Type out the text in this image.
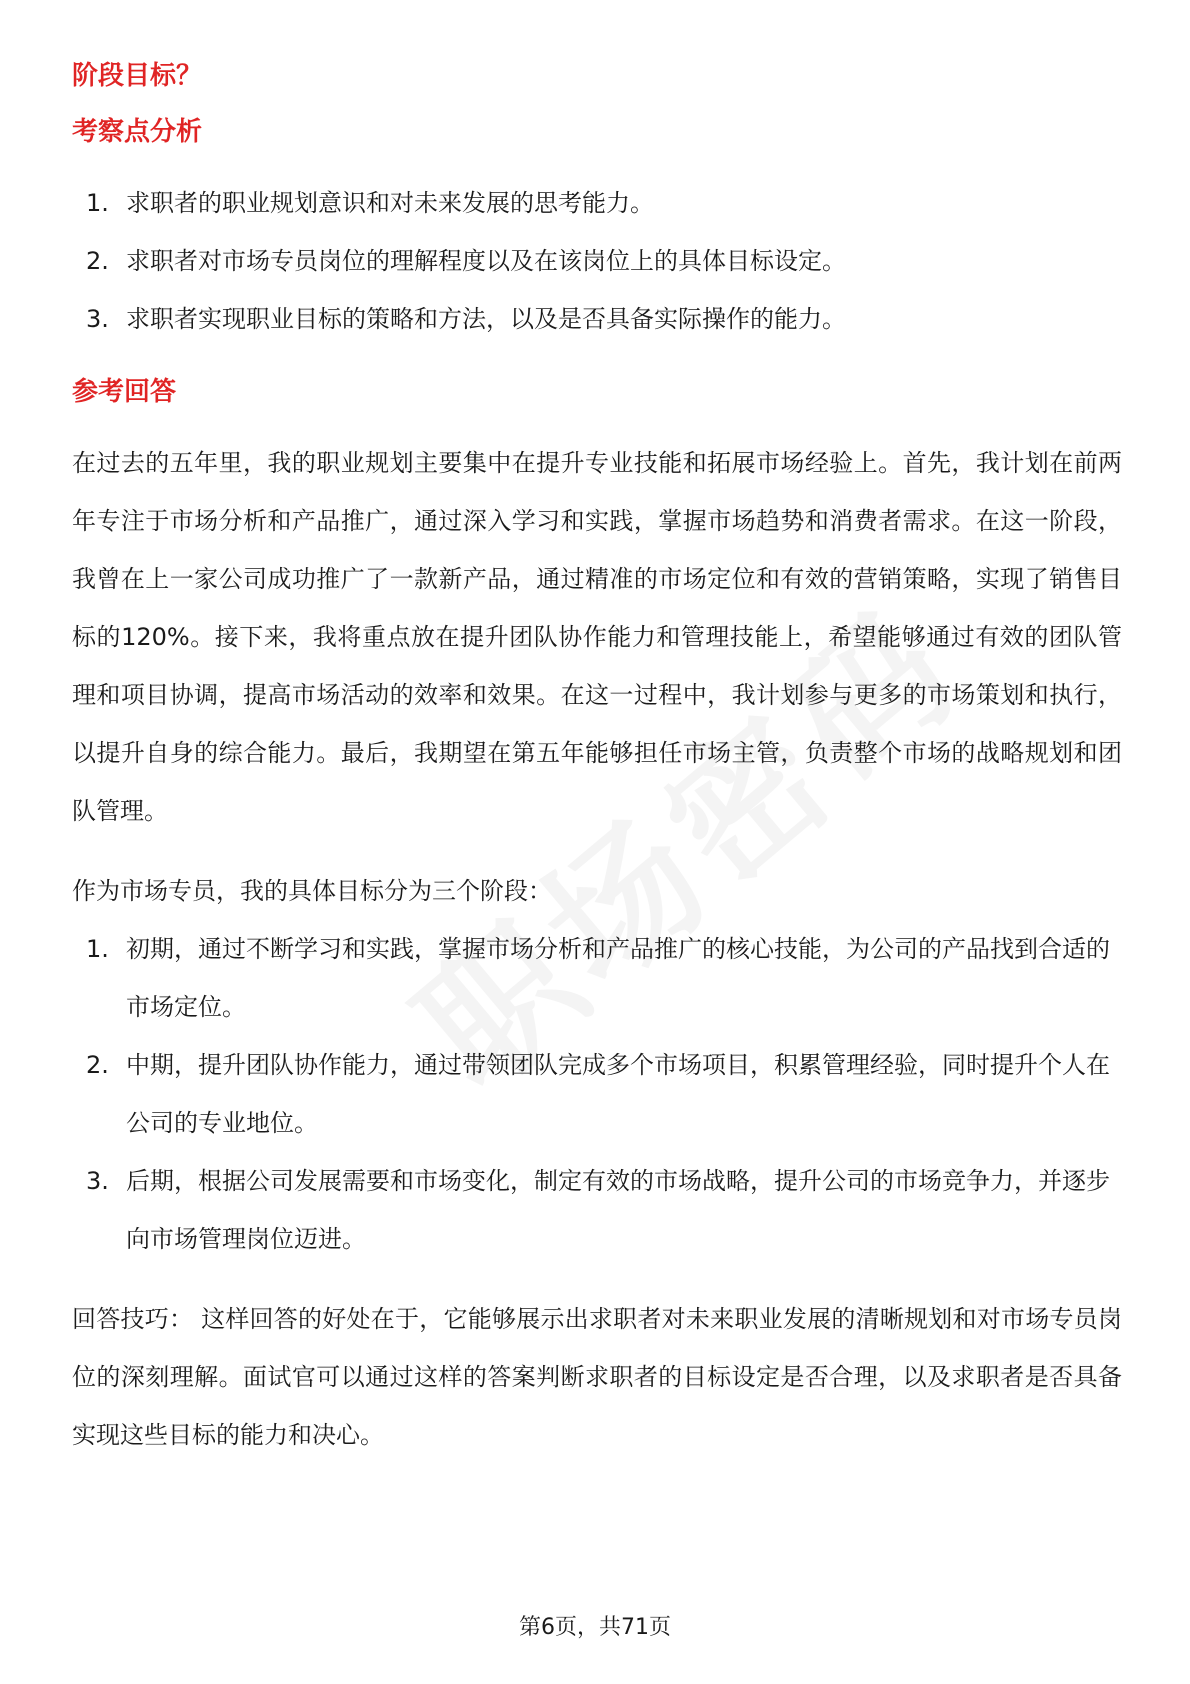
阶段目标？
考察点分析
1. 求职者的职业规划意识和对未来发展的思考能力。
2. 求职者对市场专员岗位的理解程度以及在该岗位上的具体目标设定。
3. 求职者实现职业目标的策略和方法，以及是否具备实际操作的能力。
参考回答

在过去的五年里，我的职业规划主要集中在提升专业技能和拓展市场经验上。首先，我计划在前两年专注于市场分析和产品推广，通过深入学习和实践，掌握市场趋势和消费者需求。在这一阶段，我曾在上一家公司成功推广了一款新产品，通过精准的市场定位和有效的营销策略，实现了销售目标的120%。接下来，我将重点放在提升团队协作能力和管理技能上，希望能够通过有效的团队管理和项目协调，提高市场活动的效率和效果。在这一过程中，我计划参与更多的市场策划和执行，以提升自身的综合能力。最后，我期望在第五年能够担任市场主管，负责整个市场的战略规划和团队管理。

作为市场专员，我的具体目标分为三个阶段：

1. 初期，通过不断学习和实践，掌握市场分析和产品推广的核心技能，为公司的产品找到合适的市场定位。
2. 中期，提升团队协作能力，通过带领团队完成多个市场项目，积累管理经验，同时提升个人在公司的专业地位。
3. 后期，根据公司发展需要和市场变化，制定有效的市场战略，提升公司的市场竞争力，并逐步向市场管理岗位迈进。

回答技巧： 这样回答的好处在于，它能够展示出求职者对未来职业发展的清晰规划和对市场专员岗位的深刻理解。面试官可以通过这样的答案判断求职者的目标设定是否合理，以及求职者是否具备实现这些目标的能力和决心。

第6页，共71页
